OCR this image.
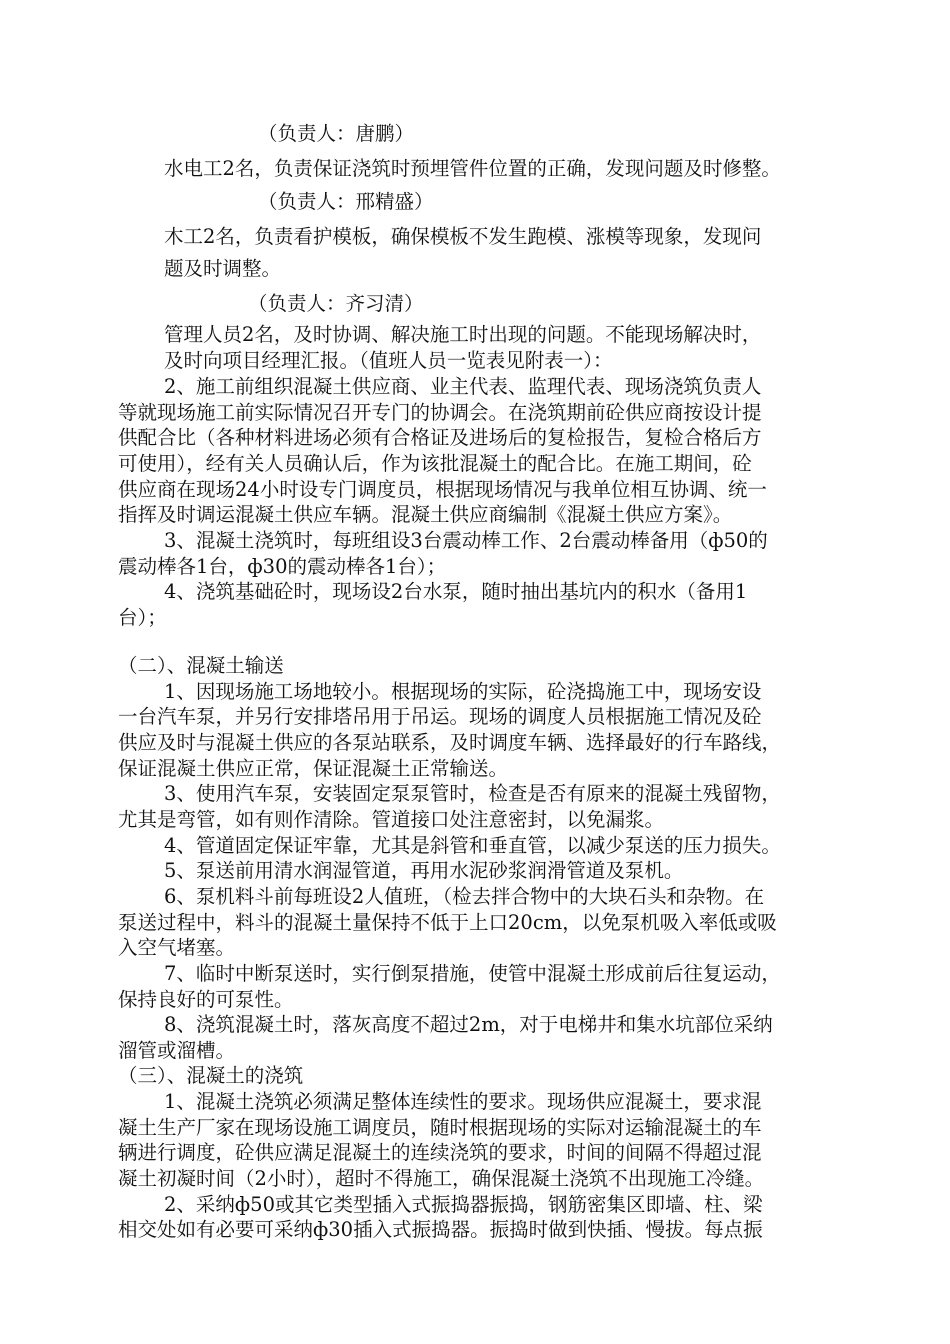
（负责人：唐鹏）
水电工2名，负责保证浇筑时预埋管件位置的正确，发现问题及时修整。
（负责人：邢精盛）
木工2名，负责看护模板，确保模板不发生跑模、涨模等现象，发现问
题及时调整。
（负责人：齐习清）
管理人员2名，及时协调、解决施工时出现的问题。不能现场解决时，
及时向项目经理汇报。（值班人员一览表见附表一）：
2、施工前组织混凝土供应商、业主代表、监理代表、现场浇筑负责人
等就现场施工前实际情况召开专门的协调会。在浇筑期前砼供应商按设计提
供配合比（各种材料进场必须有合格证及进场后的复检报告，复检合格后方
可使用），经有关人员确认后，作为该批混凝土的配合比。在施工期间，砼
供应商在现场24小时设专门调度员，根据现场情况与我单位相互协调、统一
指挥及时调运混凝土供应车辆。混凝土供应商编制《混凝土供应方案》。
3、混凝土浇筑时，每班组设3台震动棒工作、2台震动棒备用（ф50的
震动棒各1台，ф30的震动棒各1台）；
4、浇筑基础砼时，现场设2台水泵，随时抽出基坑内的积水（备用1
台）；
（二）、混凝土输送
1、因现场施工场地较小。根据现场的实际，砼浇捣施工中，现场安设
一台汽车泵，并另行安排塔吊用于吊运。现场的调度人员根据施工情况及砼
供应及时与混凝土供应的各泵站联系，及时调度车辆、选择最好的行车路线，
保证混凝土供应正常，保证混凝土正常输送。
3、使用汽车泵，安装固定泵泵管时，检查是否有原来的混凝土残留物，
尤其是弯管，如有则作清除。管道接口处注意密封，以免漏浆。
4、管道固定保证牢靠，尤其是斜管和垂直管，以减少泵送的压力损失。
5、泵送前用清水润湿管道，再用水泥砂浆润滑管道及泵机。
6、泵机料斗前每班设2人值班，（检去拌合物中的大块石头和杂物。在
泵送过程中，料斗的混凝土量保持不低于上口20cm，以免泵机吸入率低或吸
入空气堵塞。
7、临时中断泵送时，实行倒泵措施，使管中混凝土形成前后往复运动，
保持良好的可泵性。
8、浇筑混凝土时，落灰高度不超过2m，对于电梯井和集水坑部位采纳
溜管或溜槽。
（三）、混凝土的浇筑
1、混凝土浇筑必须满足整体连续性的要求。现场供应混凝土，要求混
凝土生产厂家在现场设施工调度员，随时根据现场的实际对运输混凝土的车
辆进行调度，砼供应满足混凝土的连续浇筑的要求，时间的间隔不得超过混
凝土初凝时间（2小时），超时不得施工，确保混凝土浇筑不出现施工冷缝。
2、采纳ф50或其它类型插入式振捣器振捣，钢筋密集区即墙、柱、梁
相交处如有必要可采纳ф30插入式振捣器。振捣时做到快插、慢拔。每点振
